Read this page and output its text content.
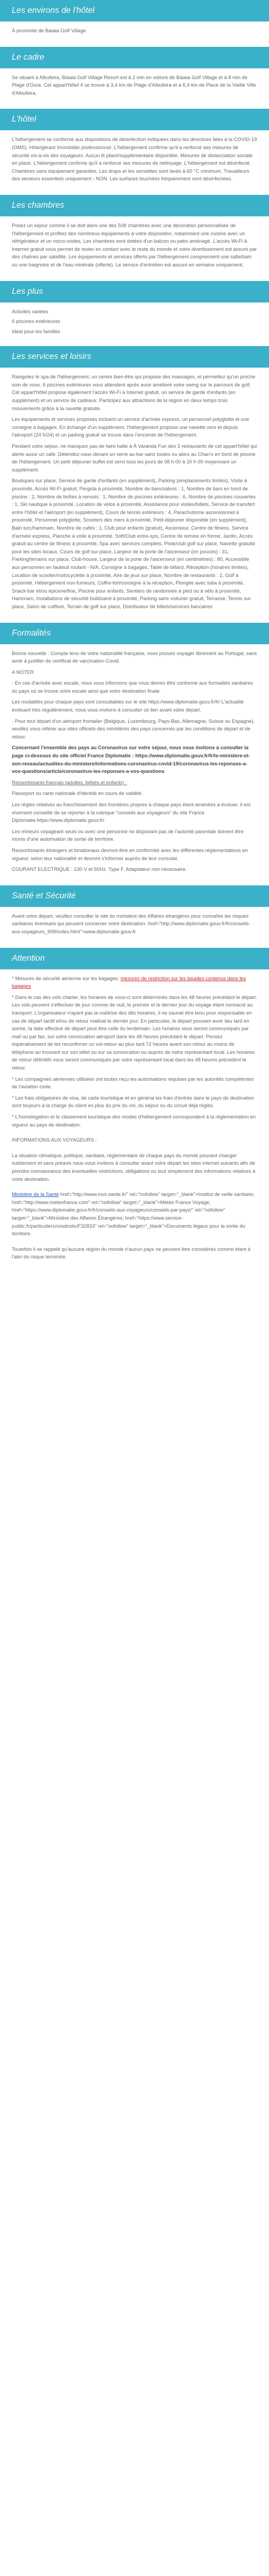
Les environs de l'hôtel

À proximité de Baiaia Golf Village

Le cadre

Se situant à Albufeira, Baiaia Golf Village Resort est à 2 min en voiture de Baiaia Golf Village et à 8 min de Plage d'Oura. Cet appart'hôtel 4 se trouve à 3,4 km de Plage d'Albufeira et à 6,9 km de Place de la Vieille Ville d'Albufeira.

L'hôtel

L'hébergement se conforme aux dispositions de désinfection indiquées dans les directives liées à la COVID-19 (OMS). Hôte/gérant Immobilier professionnel. L'hébergement confirme qu'il a renforcé ses mesures de sécurité vis-à-vis des voyageurs. Aucun lit pliant/supplémentaire disponible. Mesures de distanciation sociale en place. L'hébergement confirme qu'il a renforcé ses mesures de nettoyage. L'hébergement est désinfecté. Chambres sans équipement garanties. Les draps et les serviettes sont lavés à 60 °C minimum. Travailleurs des secteurs essentiels uniquement - NON. Les surfaces touchées fréquemment sont désinfectées.

Les chambres

Posez un séjour comme il se doit dans une des 508 chambres avec une décoration personnalisée de l'hébergement et profitez des nombreux équipements à votre disposition, notamment une cuisine avec un réfrigérateur et un micro-ondes. Les chambres sont dotées d'un balcon ou patio aménagé. L'accès Wi-Fi à Internet gratuit vous permet de rester en contact avec le reste du monde et votre divertissement est assuré par des chaînes par satellite. Les équipements et services offerts par l'hébergement comprennent une salle/bain ou une baignoire et de l'eau minérale (offerte). Le service d'entretien est assuré en semaine uniquement.

Les plus

Activités variées

6 piscines extérieures

Idéal pour les familles

Les services et loisirs

Ravigotez le spa de l'hébergement, un centre bien-être qui propose des massages, et permettez qu'un proche soin de vous. 6 piscines extérieures vous attendent après avoir amélioré votre swing sur le parcours de golf. Cet appart'hôtel propose également l'accès Wi-Fi à Internet gratuit, un service de garde d'enfants (en supplément) et un service de cadeaux. Participez aux attractions de la région en deux temps trois mouvements grâce à la navette gratuite.

Les équipements et services proposés incluent un service d'arrivée express, un personnel polyglotte et une consigne à bagages. En échange d'un supplément, l'hébergement propose une navette vers et depuis l'aéroport (24 h/24) et un parking gratuit se trouve dans l'enceinte de l'hébergement.

Pendant votre séjour, ne manquez pas de faire halte à À Varanda Fun des 2 restaurants de cet appart'hôtel qui alerte aussi un café. Détendez-vous devant un verre au bar sans toutes ou alors au Chan's en bord de piscine de l'hébergement. Un petit déjeuner buffet est servi tous les jours de 08 h 00 à 10 h 00 moyennant un supplément.

Boutiques sur place, Service de garde d'enfants (en supplément), Parking (emplacements limités), Visite à proximité, Accès Wi-Fi gratuit, Pergola à proximité, Nombre de bars/salons : 1, Nombre de bars en bord de piscine : 2, Nombre de boîtes à renvois : 1, Nombre de piscines extérieures : 6, Nombre de piscines couvertes : 1, Ski nautique à proximité, Location de vélos à proximité, Assistance pour visites/billets, Service de transfert entre l'hôtel et l'aéroport (en supplément), Cours de tennis extérieurs : 4, Parachutisme ascensionnel à proximité, Personnel polyglotte, Scooters des mers à proximité, Petit-déjeuner disponible (en supplément), Bain turc/hammam, Nombre de cafés : 1, Club pour enfants (gratuit), Ascenseur, Centre de fitness, Service d'arrivée express, Planche à voile à proximité, Soft/Club entre-sps, Centre de remise en forme, Jardin, Accès gratuit au centre de fitness à proximité, Spa avec services complets, Piste/club golf sur place, Navette gratuite pour les sites locaux, Cours de golf sur place, Largeur de la porte de l'ascenseur (en pouces) : 31, Parking/terrains sur place, Club-house, Largeur de la porte de l'ascenseur (en centimètres) : 80, Accessible aux personnes en fauteuil roulant - N/A, Consigne à bagages, Table de billard, Réception (horaires limités), Location de scooter/motocyclette à proximité, Aire de jeux sur place, Nombre de restaurants : 2, Golf à proximité, Hébergement non-fumeurs, Coffre-fort/consigne à la réception, Plongée avec tuba à proximité, Snack-bar et/ou épicerie/fine, Piscine pour enfants, Sentiers de randonnée à pied ou à vélo à proximité, Hammam, Installations de sécurité buildsand à proximité, Parking sans voiturier gratuit, Terrasse, Tennis sur place, Salon de coiffure, Terrain de golf sur place, Distributeur de billets/services bancaires

Formalités

Bonne nouvelle : Compte tenu de votre nationalité française, vous pouvez voyager librement au Portugal, sans avoir à justifier de certificat de vaccination Covid.

A NOTER

- En cas d'arrivée avec escale, nous vous informons que vous devrez être conforme aux formalités sanitaires du pays où se trouve votre escale ainsi que votre destination finale.

Les modalités pour chaque pays sont consultables sur le site https://www.diplomatie.gouv.fr/fr/ L'actualité évoluant très régulièrement, nous vous invitons à consulter ce lien avant votre départ.

- Pour tout départ d'un aéroport frontalier (Belgique, Luxembourg, Pays-Bas, Allemagne, Suisse ou Espagne), veuillez vous référer aux sites officiels des ministères des pays concernés par les conditions de départ et de retour.

Concernant l'ensemble des pays au Coronavirus sur votre séjour, nous vous invitons à consulter la page ci-dessous du site officiel France Diplomatie : https://www.diplomatie.gouv.fr/fr/le-ministere-et-son-reseau/actualites-du-ministere/informations-coronavirus-covid-19/coronavirus-les-reponses-a-vos-questions/article/coronavirus-les-reponses-a-vos-questions

Ressortissants français (adultes, bébés et enfants) :

Passeport ou carte nationale d'identité en cours de validité.

Les règles relatives au franchissement des frontières propres à chaque pays étant amenées à évoluer, il est vivement conseillé de se reporter à la rubrique "conseils aux voyageurs" du site France Diplomatie.https://www.diplomatie.gouv.fr/

Les mineurs voyageant seuls ou avec une personne ne disposant pas de l'autorité parentale doivent être munis d'une autorisation de sortie de territoire.

Ressortissants étrangers et binationaux devront être en conformité avec les différentes réglementations en vigueur, selon leur nationalité et devront s'informer auprès de leur consulat.

COURANT ELECTRIQUE : 230 V et 50Hz. Type F. Adaptateur non nécessaire.

Santé et Sécurité

Avant votre départ, veuillez consulter le site du ministère des Affaires étrangères pour connaître les risques sanitaires éventuels qui peuvent concerner votre destination. href="http://www.diplomatie.gouv.fr/fr/conseils-aux-voyageurs_909/index.html">www.diplomatie.gouv.fr

Attention

* Mesures de sécurité aérienne sur les bagages: mesures de restriction sur les liquides contenus dans les bagages

* Dans le cas des vols charter, les horaires de vous-ci sont déterminés dans les 48 heures précédant le départ. Les vols peuvent s'effectuer de jour comme de nuit, le premier et le dernier jour du voyage étant consacré au transport. L'organisateur n'ayant pas la maîtrise des dits horaires, il ne saurait être tenu pour responsable en cas de départ tardif et/ou de retour matinal le dernier jour. En particulier, le départ pouvant avoir lieu tard en soirée, la date effective de départ peut être celle du lendemain. Les horaires vous seront communiqués par mail ou par fax, sur votre convocation aéroport dans les 48 heures précédant le départ. Pensez impérativement de les reconfirmer un vol-retour au plus tard 72 heures avant son retour au moins de téléphone au trouvant sur son billet ou sur sa convocation ou auprès de notre représentant local. Les horaires de retour définitifs vous seront communiqués par votre représentant local dans les 48 heures précédent le retour.

* Les compagnies aériennes utilisées ont toutes reçu les autorisations requises par les autorités compétentes de l'aviation civile.

* Les frais obligatoires de visa, de carte touristique et en général les frais d'entrée dans le pays de destination sont toujours à la charge du client en plus du prix du vol, du séjour ou du circuit déjà réglés.

* L'homologation et le classement touristique des modes d'hébergement correspondent à la réglementation en vigueur au pays de destination.

INFORMATIONS AUX VOYAGEURS :

La situation climatique, politique, sanitaire, réglementaire de chaque pays du monde pouvant changer subitement et sans préavis nous vous invitons à consulter avant votre départ les sites internet suivants afin de prendre connaissance des éventuelles restrictions, obligations ou tout simplement des informations relatives à votre destination.

Ministère de la Santé href="http://www.invs.sante.fr/" rel="nofollow" target="_blank">Institut de veille sanitaire; href="http://www.meteofrance.com" rel="nofollow" target="_blank">Météo France Voyage; href="https://www.diplomatie.gouv.fr/fr/conseils-aux-voyageurs/conseils-par-pays/" rel="nofollow" target="_blank">Ministère des Affaires Étrangères; href="https://www.service-public.fr/particuliers/vosdroits/F32833" rel="nofollow" target="_blank">Documents légaux pour la sortie du territoire.

Toutefois il se rappelé qu'aucune région du monde n'aucun pays ne peuvent être considérés comme étant à l'abri du risque terroriste.
